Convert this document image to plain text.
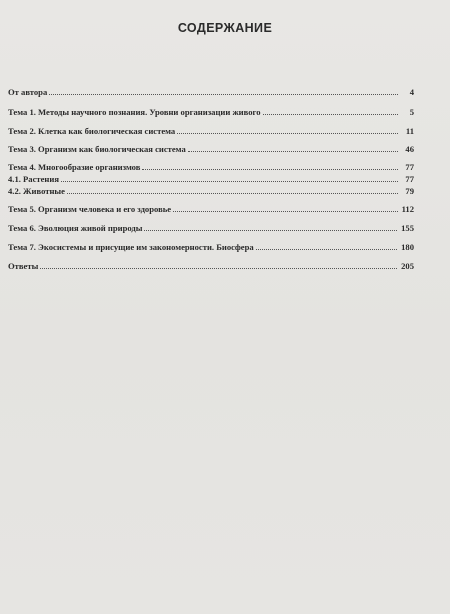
СОДЕРЖАНИЕ
От автора	4
Тема 1. Методы научного познания. Уровни организации живого	5
Тема 2. Клетка как биологическая система	11
Тема 3. Организм как биологическая система	46
Тема 4. Многообразие организмов	77
4.1. Растения	77
4.2. Животные	79
Тема 5. Организм человека и его здоровье	112
Тема 6. Эволюция живой природы	155
Тема 7. Экосистемы и присущие им закономерности. Биосфера	180
Ответы	205
